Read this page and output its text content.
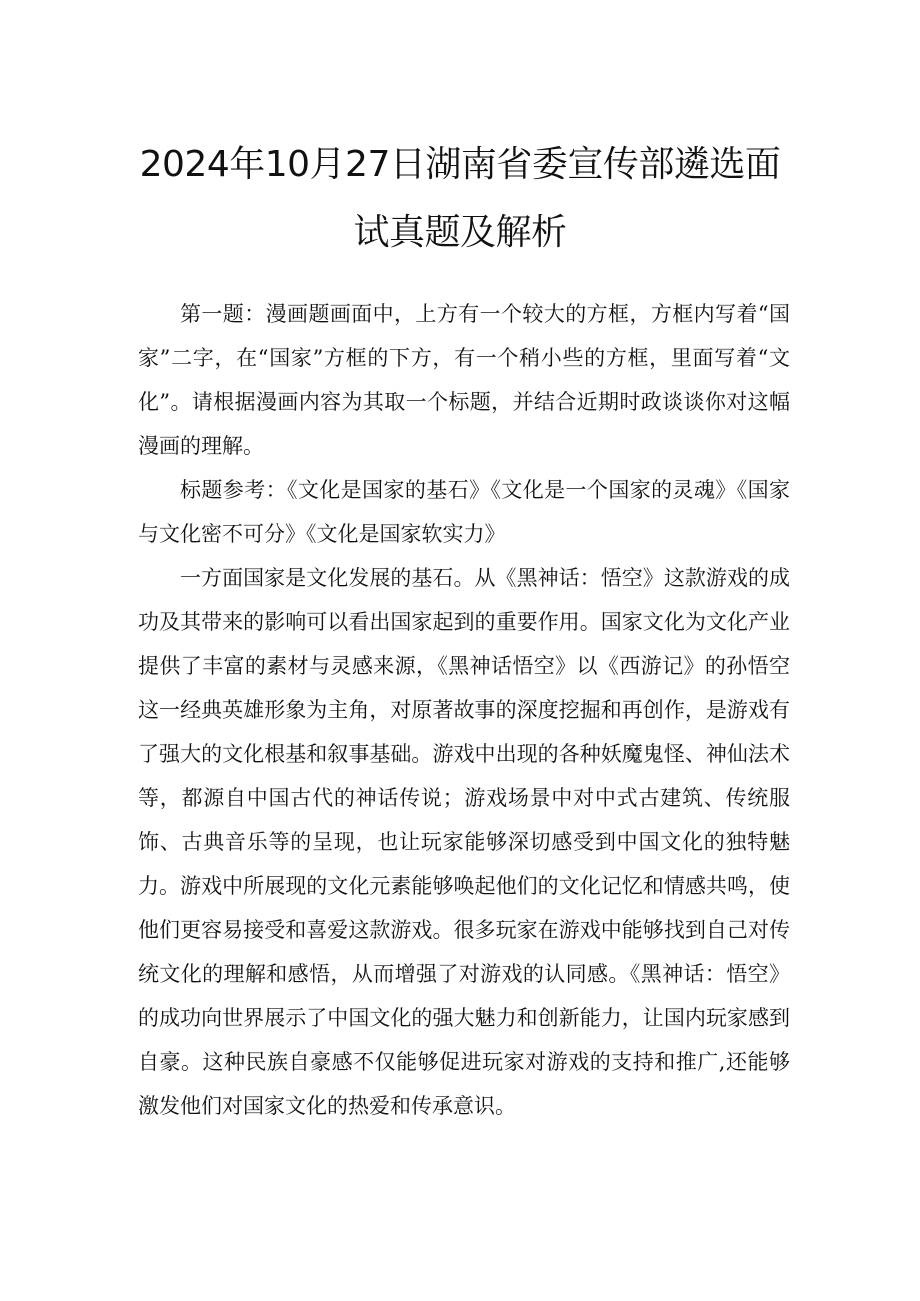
2024年10月27日湖南省委宣传部遴选面
试真题及解析

第一题：漫画题画面中，上方有一个较大的方框，方框内写着“国家”二字，在“国家”方框的下方，有一个稍小些的方框，里面写着“文化”。请根据漫画内容为其取一个标题，并结合近期时政谈谈你对这幅漫画的理解。

标题参考：《文化是国家的基石》《文化是一个国家的灵魂》《国家与文化密不可分》《文化是国家软实力》

一方面国家是文化发展的基石。从《黑神话：悟空》这款游戏的成功及其带来的影响可以看出国家起到的重要作用。国家文化为文化产业提供了丰富的素材与灵感来源，《黑神话悟空》以《西游记》的孙悟空这一经典英雄形象为主角，对原著故事的深度挖掘和再创作，是游戏有了强大的文化根基和叙事基础。游戏中出现的各种妖魔鬼怪、神仙法术等，都源自中国古代的神话传说；游戏场景中对中式古建筑、传统服饰、古典音乐等的呈现，也让玩家能够深切感受到中国文化的独特魅力。游戏中所展现的文化元素能够唤起他们的文化记忆和情感共鸣，使他们更容易接受和喜爱这款游戏。很多玩家在游戏中能够找到自己对传统文化的理解和感悟，从而增强了对游戏的认同感。《黑神话：悟空》的成功向世界展示了中国文化的强大魅力和创新能力，让国内玩家感到自豪。这种民族自豪感不仅能够促进玩家对游戏的支持和推广,还能够激发他们对国家文化的热爱和传承意识。
